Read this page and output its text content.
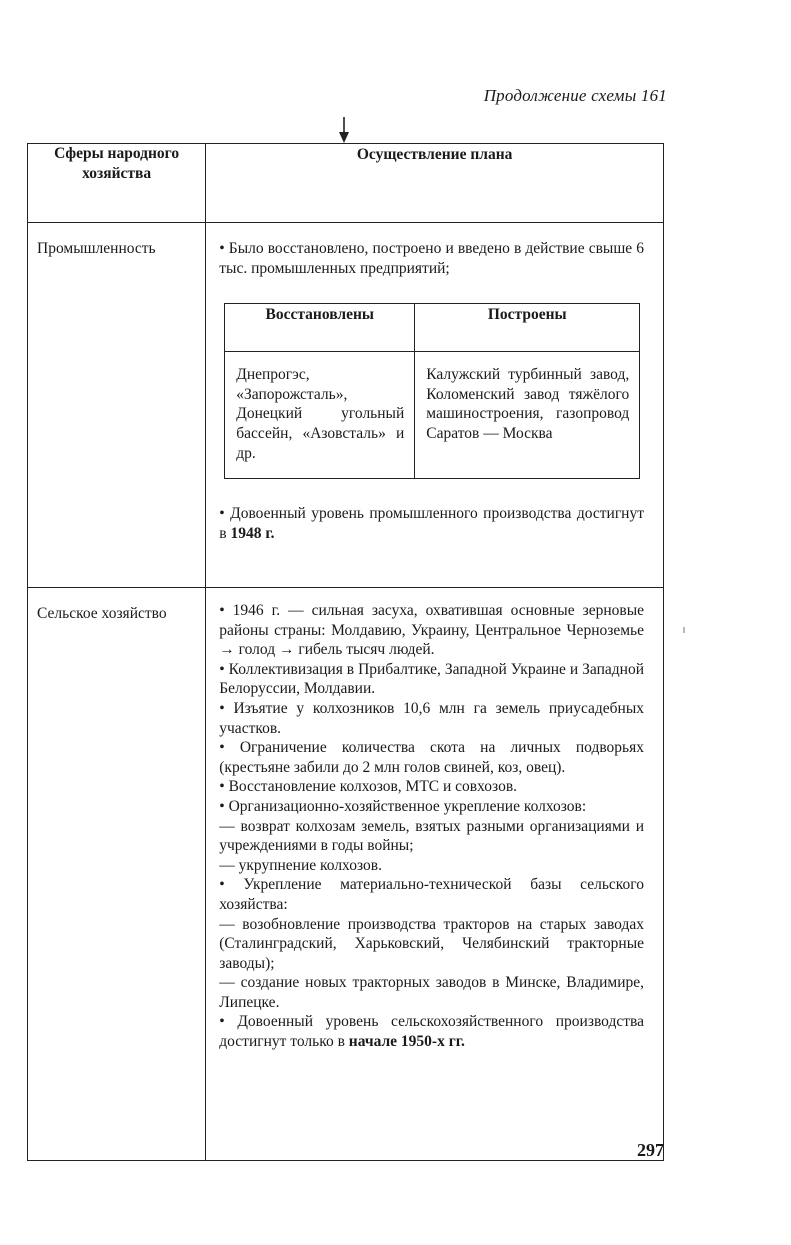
Продолжение схемы 161
Сферы народного хозяйства	Осуществление плана
Промышленность	• Было восстановлено, построено и введено в действие свыше 6 тыс. промышленных предприятий;

Восстановлены	Построены
Днепрогэс, «Запорожсталь», Донецкий угольный бассейн, «Азовсталь» и др.	Калужский турбинный завод, Коломенский завод тяжёлого машиностроения, газопровод Саратов — Москва

• Довоенный уровень промышленного производства достигнут в 1948 г.

Сельское хозяйство	• 1946 г. — сильная засуха, охватившая основные зерновые районы страны: Молдавию, Украину, Центральное Черноземье → голод → гибель тысяч людей.

• Коллективизация в Прибалтике, Западной Украине и Западной Белоруссии, Молдавии.

• Изъятие у колхозников 10,6 млн га земель приусадебных участков.

• Ограничение количества скота на личных подворьях (крестьяне забили до 2 млн голов свиней, коз, овец).

• Восстановление колхозов, МТС и совхозов.

• Организационно-хозяйственное укрепление колхозов:

— возврат колхозам земель, взятых разными организациями и учреждениями в годы войны;

— укрупнение колхозов.

• Укрепление материально-технической базы сельского хозяйства:

— возобновление производства тракторов на старых заводах (Сталинградский, Харьковский, Челябинский тракторные заводы);

— создание новых тракторных заводов в Минске, Владимире, Липецке.

• Довоенный уровень сельскохозяйственного производства достигнут только в начале 1950-х гг.

297
